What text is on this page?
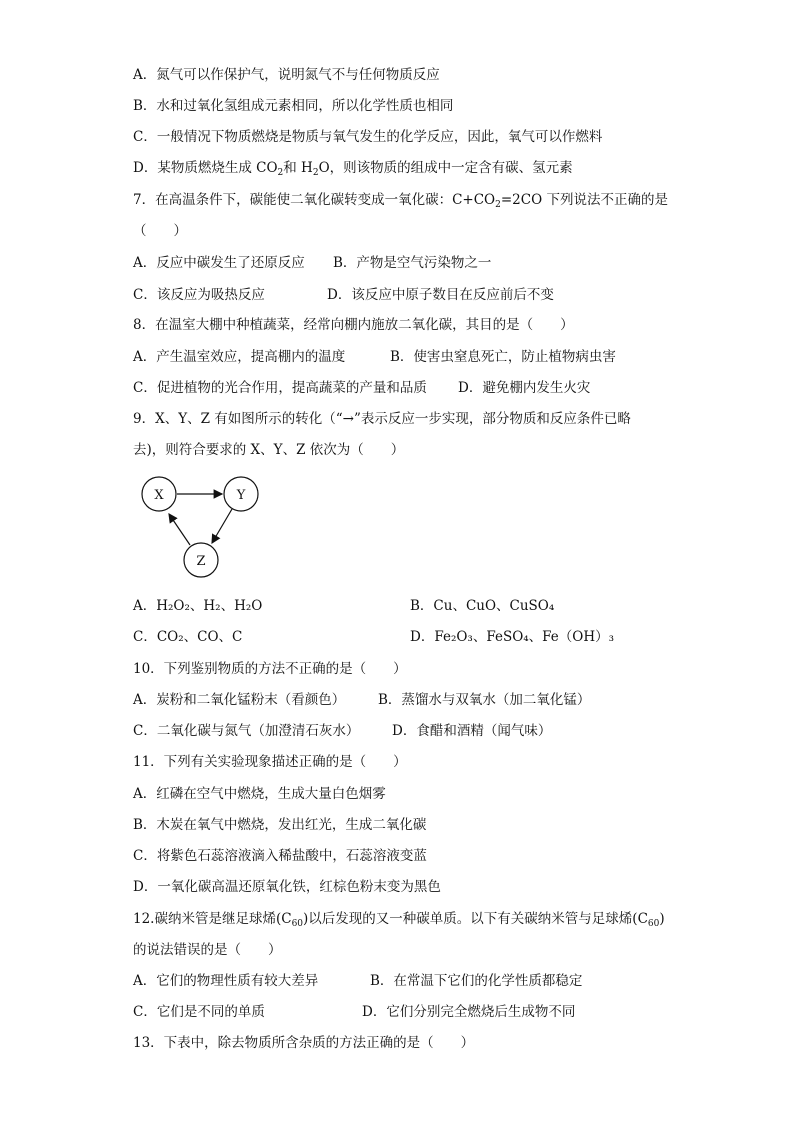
A．氮气可以作保护气，说明氮气不与任何物质反应
B．水和过氧化氢组成元素相同，所以化学性质也相同
C．一般情况下物质燃烧是物质与氧气发生的化学反应，因此，氧气可以作燃料
D．某物质燃烧生成 $CO_2$和 $H_2O$，则该物质的组成中一定含有碳、氢元素
7．在高温条件下，碳能使二氧化碳转变成一氧化碳：$C+CO_2=2CO$ 下列说法不正确的是
（　　）
A．反应中碳发生了还原反应 B．产物是空气污染物之一
C．该反应为吸热反应	D．该反应中原子数目在反应前后不变
8．在温室大棚中种植蔬菜，经常向棚内施放二氧化碳，其目的是（　　）
A．产生温室效应，提高棚内的温度	B．使害虫窒息死亡，防止植物病虫害
C．促进植物的光合作用，提高蔬菜的产量和品质 D．避免棚内发生火灾
9．X、Y、Z 有如图所示的转化（“→”表示反应一步实现，部分物质和反应条件已略
去)，则符合要求的 X、Y、Z 依次为（　　）
X	Y
Z
A．H₂O₂、H₂、H₂O	B．Cu、CuO、CuSO₄
C．CO₂、CO、C	D．Fe₂O₃、FeSO₄、Fe（OH）₃
10．下列鉴别物质的方法不正确的是（　　）
A．炭粉和二氧化锰粉末（看颜色） B．蒸馏水与双氧水（加二氧化锰）
C．二氧化碳与氮气（加澄清石灰水） D．食醋和酒精（闻气味）
11．下列有关实验现象描述正确的是（　　）
A．红磷在空气中燃烧，生成大量白色烟雾
B．木炭在氧气中燃烧，发出红光，生成二氧化碳
C．将紫色石蕊溶液滴入稀盐酸中，石蕊溶液变蓝
D．一氧化碳高温还原氧化铁，红棕色粉末变为黑色
12.碳纳米管是继足球烯$(C_{60})$以后发现的又一种碳单质。以下有关碳纳米管与足球烯$(C_{60})$
的说法错误的是（　　）
A．它们的物理性质有较大差异	B．在常温下它们的化学性质都稳定
C．它们是不同的单质	D．它们分别完全燃烧后生成物不同
13．下表中，除去物质所含杂质的方法正确的是（　　）
